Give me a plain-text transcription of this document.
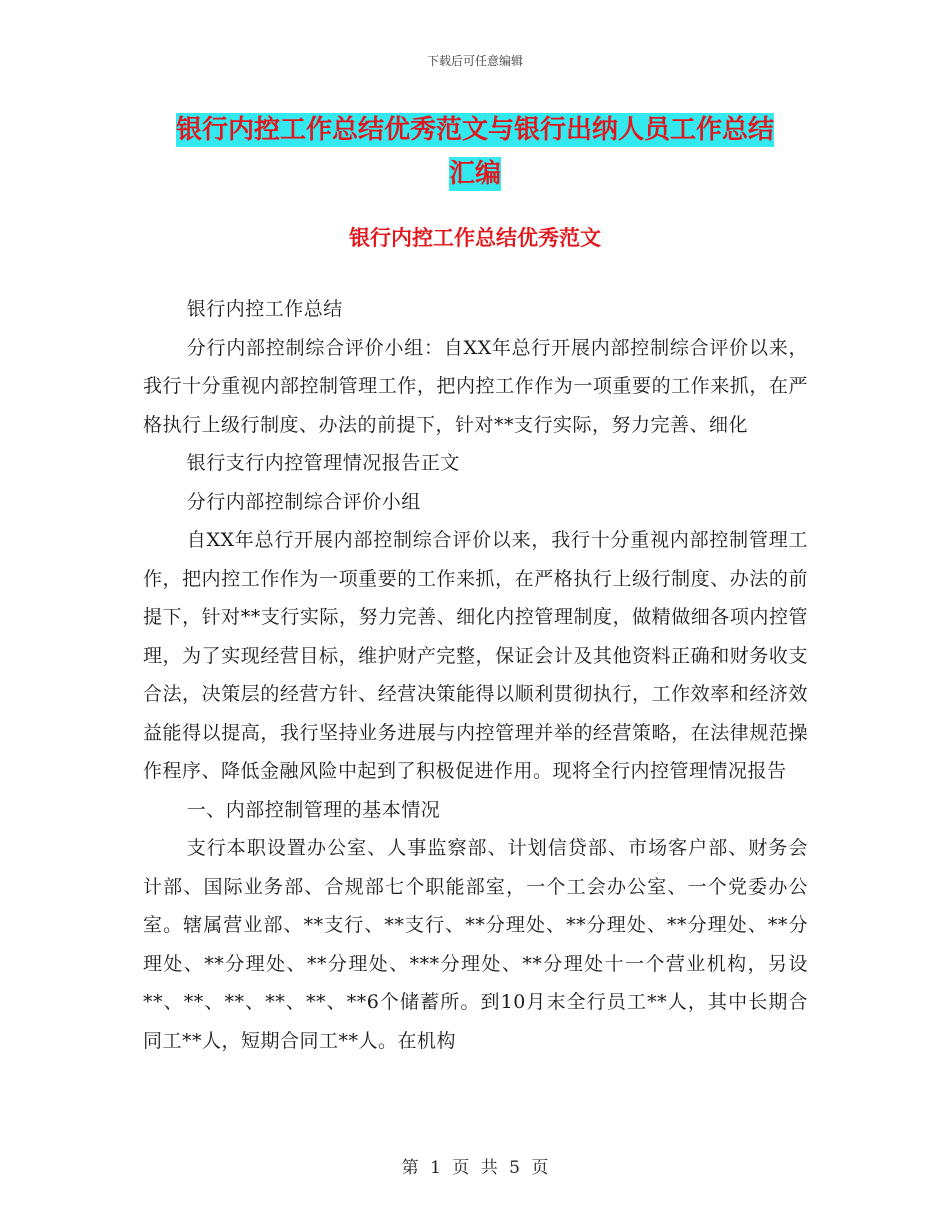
下载后可任意编辑
银行内控工作总结优秀范文与银行出纳人员工作总结
汇编
银行内控工作总结优秀范文

银行内控工作总结

分行内部控制综合评价小组：自XX年总行开展内部控制综合评价以来，我行十分重视内部控制管理工作，把内控工作作为一项重要的工作来抓，在严格执行上级行制度、办法的前提下，针对**支行实际，努力完善、细化

银行支行内控管理情况报告正文

分行内部控制综合评价小组

自XX年总行开展内部控制综合评价以来，我行十分重视内部控制管理工作，把内控工作作为一项重要的工作来抓，在严格执行上级行制度、办法的前提下，针对**支行实际，努力完善、细化内控管理制度，做精做细各项内控管理，为了实现经营目标，维护财产完整，保证会计及其他资料正确和财务收支合法，决策层的经营方针、经营决策能得以顺利贯彻执行，工作效率和经济效益能得以提高，我行坚持业务进展与内控管理并举的经营策略，在法律规范操作程序、降低金融风险中起到了积极促进作用。现将全行内控管理情况报告

一、内部控制管理的基本情况

支行本职设置办公室、人事监察部、计划信贷部、市场客户部、财务会计部、国际业务部、合规部七个职能部室，一个工会办公室、一个党委办公室。辖属营业部、**支行、**支行、**分理处、**分理处、**分理处、**分理处、**分理处、**分理处、***分理处、**分理处十一个营业机构，另设**、**、**、**、**、**6个储蓄所。到10月末全行员工**人，其中长期合同工**人，短期合同工**人。在机构

第 1 页 共 5 页
